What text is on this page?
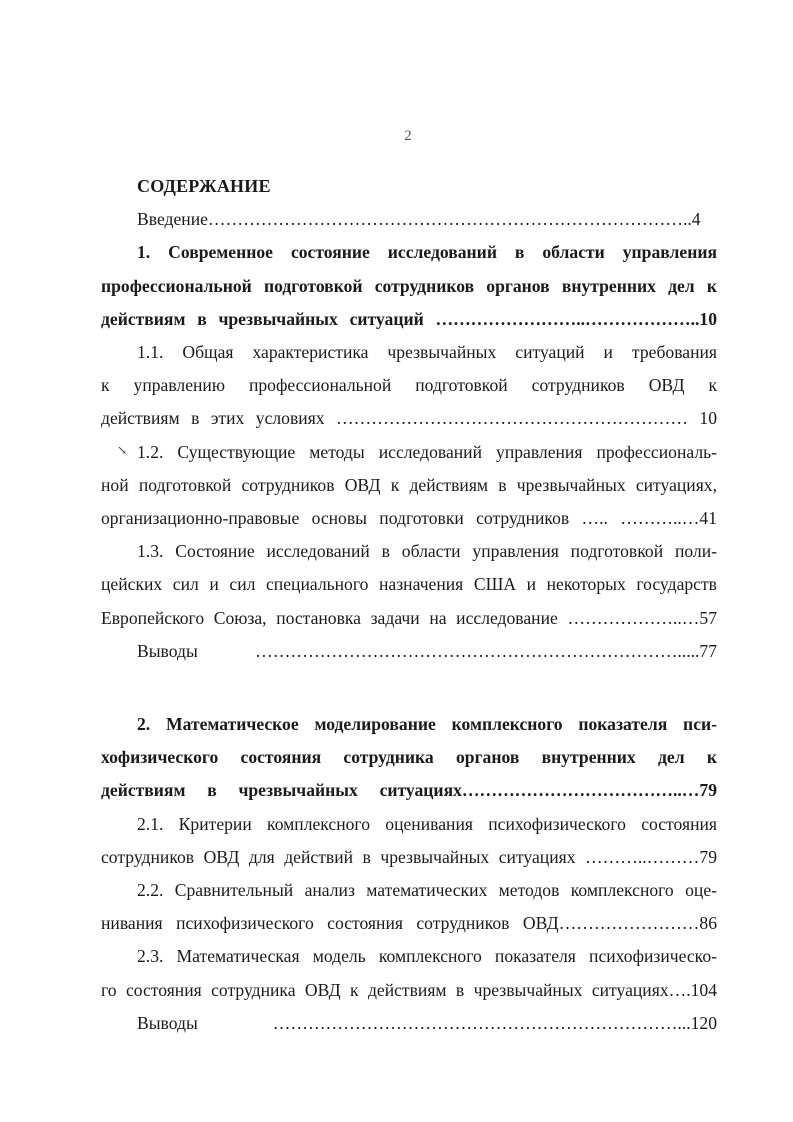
2
↘
СОДЕРЖАНИЕ
Введение………………………………………………………………………..4
1. Современное состояние исследований в области управления
профессиональной подготовкой сотрудников органов внутренних дел к
действиям в чрезвычайных ситуаций ……………………..………………..10
1.1. Общая характеристика чрезвычайных ситуаций и требования
к управлению профессиональной подготовкой сотрудников ОВД к
действиям в этих условиях …………………………………………………… 10
1.2. Существующие методы исследований управления профессиональ-
ной подготовкой сотрудников ОВД к действиям в чрезвычайных ситуациях,
организационно-правовые основы подготовки сотрудников ….. ………..…41
1.3. Состояние исследований в области управления подготовкой поли-
цейских сил и сил специального назначения США и некоторых государств
Европейского Союза, постановка задачи на исследование ………………..…57
Выводы ……………………………………………………………….....77
2. Математическое моделирование комплексного показателя пси-
хофизического состояния сотрудника органов внутренних дел к
действиям в чрезвычайных ситуациях………………………………..…79
2.1. Критерии комплексного оценивания психофизического состояния
сотрудников ОВД для действий в чрезвычайных ситуациях ………..………79
2.2. Сравнительный анализ математических методов комплексного оце-
нивания психофизического состояния сотрудников ОВД……………………86
2.3. Математическая модель комплексного показателя психофизическо-
го состояния сотрудника ОВД к действиям в чрезвычайных ситуациях….104
Выводы ……………………………………………………………...120
